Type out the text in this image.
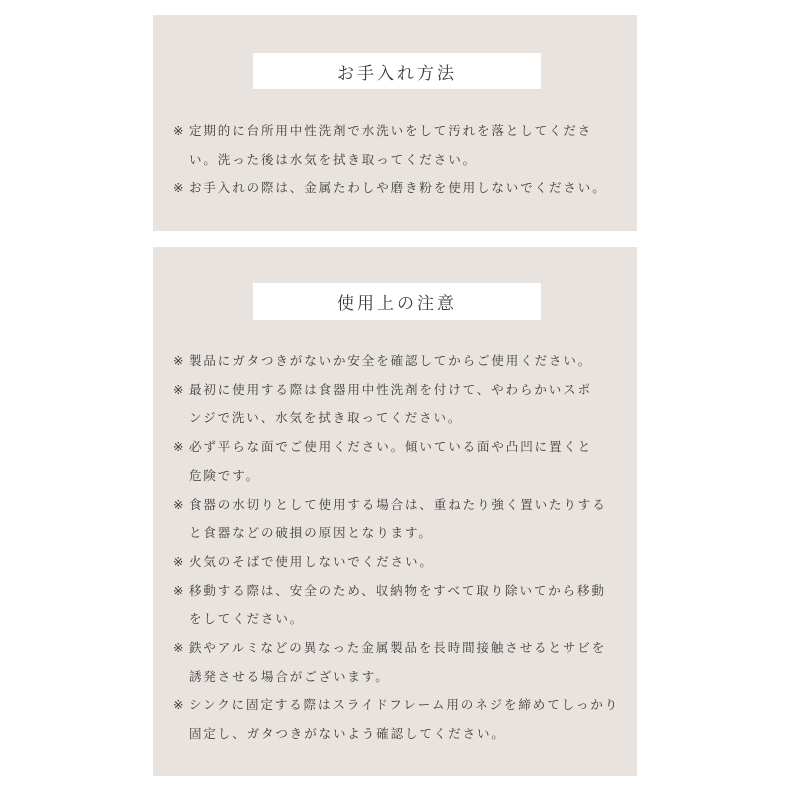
お手入れ方法
※ 定期的に台所用中性洗剤で水洗いをして汚れを落としてくださ
い。洗った後は水気を拭き取ってください。
※ お手入れの際は、金属たわしや磨き粉を使用しないでください。
使用上の注意
※ 製品にガタつきがないか安全を確認してからご使用ください。
※ 最初に使用する際は食器用中性洗剤を付けて、やわらかいスポ
ンジで洗い、水気を拭き取ってください。
※ 必ず平らな面でご使用ください。傾いている面や凸凹に置くと
危険です。
※ 食器の水切りとして使用する場合は、重ねたり強く置いたりする
と食器などの破損の原因となります。
※ 火気のそばで使用しないでください。
※ 移動する際は、安全のため、収納物をすべて取り除いてから移動
をしてください。
※ 鉄やアルミなどの異なった金属製品を長時間接触させるとサビを
誘発させる場合がございます。
※ シンクに固定する際はスライドフレーム用のネジを締めてしっかり
固定し、ガタつきがないよう確認してください。
